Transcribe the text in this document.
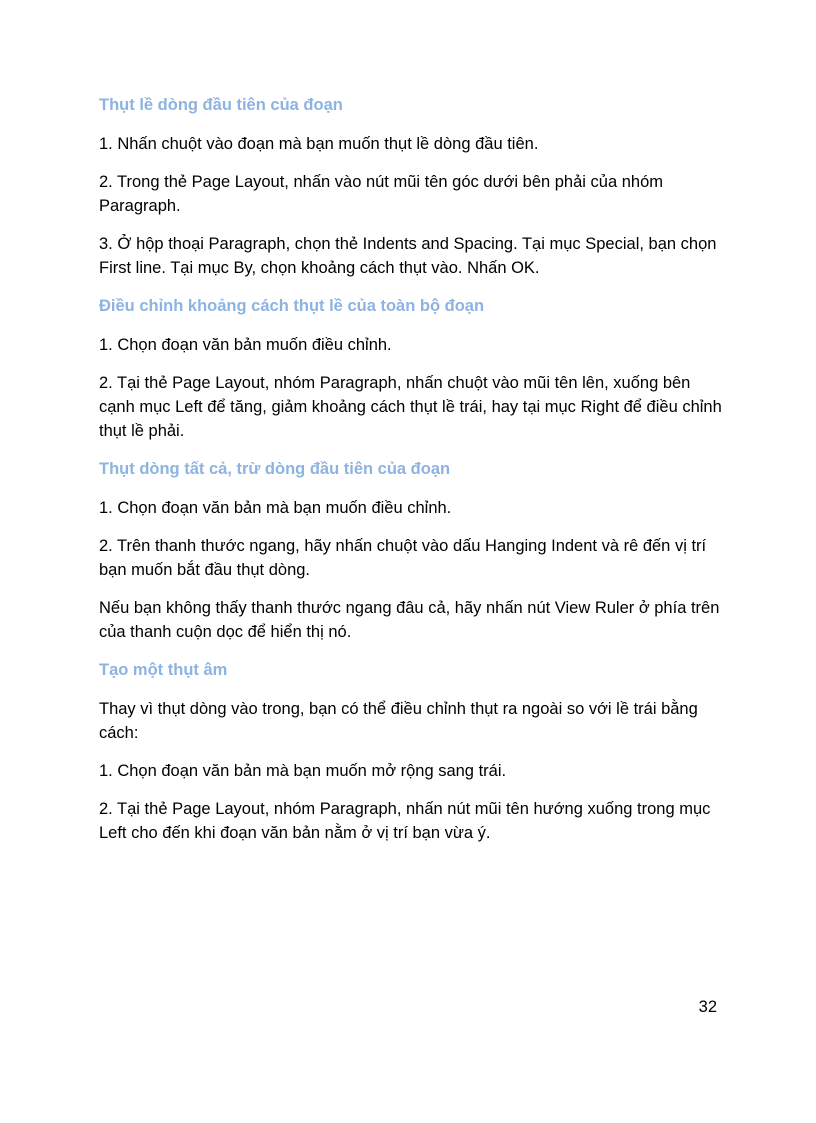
Thụt lề dòng đầu tiên của đoạn
1. Nhấn chuột vào đoạn mà bạn muốn thụt lề dòng đầu tiên.
2. Trong thẻ Page Layout, nhấn vào nút mũi tên góc dưới bên phải của nhóm Paragraph.
3. Ở hộp thoại Paragraph, chọn thẻ Indents and Spacing. Tại mục Special, bạn chọn First line. Tại mục By, chọn khoảng cách thụt vào. Nhấn OK.
Điều chỉnh khoảng cách thụt lề của toàn bộ đoạn
1. Chọn đoạn văn bản muốn điều chỉnh.
2. Tại thẻ Page Layout, nhóm Paragraph, nhấn chuột vào mũi tên lên, xuống bên cạnh mục Left để tăng, giảm khoảng cách thụt lề trái, hay tại mục Right để điều chỉnh thụt lề phải.
Thụt dòng tất cả, trừ dòng đầu tiên của đoạn
1. Chọn đoạn văn bản mà bạn muốn điều chỉnh.
2. Trên thanh thước ngang, hãy nhấn chuột vào dấu Hanging Indent và rê đến vị trí bạn muốn bắt đầu thụt dòng.
Nếu bạn không thấy thanh thước ngang đâu cả, hãy nhấn nút View Ruler ở phía trên của thanh cuộn dọc để hiển thị nó.
Tạo một thụt âm
Thay vì thụt dòng vào trong, bạn có thể điều chỉnh thụt ra ngoài so với lề trái bằng cách:
1. Chọn đoạn văn bản mà bạn muốn mở rộng sang trái.
2. Tại thẻ Page Layout, nhóm Paragraph, nhấn nút mũi tên hướng xuống trong mục Left cho đến khi đoạn văn bản nằm ở vị trí bạn vừa ý.
32
